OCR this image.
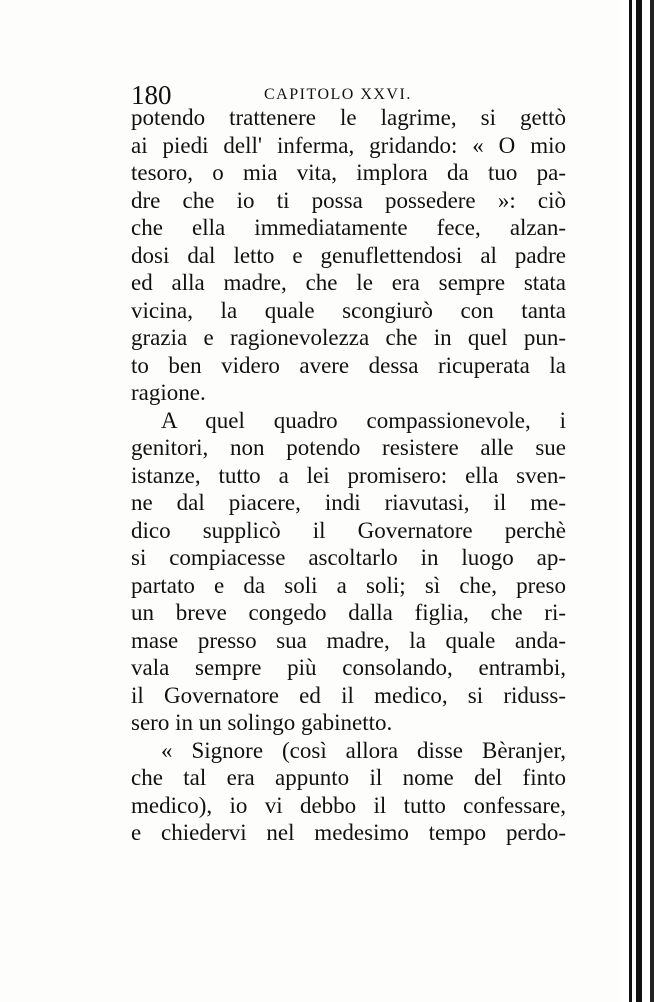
180	CAPITOLO XXVI.
potendo trattenere le lagrime, si gettò
ai piedi dell' inferma, gridando: « O mio
tesoro, o mia vita, implora da tuo pa-
dre che io ti possa possedere »: ciò
che ella immediatamente fece, alzan-
dosi dal letto e genuflettendosi al padre
ed alla madre, che le era sempre stata
vicina, la quale scongiurò con tanta
grazia e ragionevolezza che in quel pun-
to ben videro avere dessa ricuperata la
ragione.
A quel quadro compassionevole, i
genitori, non potendo resistere alle sue
istanze, tutto a lei promisero: ella sven-
ne dal piacere, indi riavutasi, il me-
dico supplicò il Governatore perchè
si compiacesse ascoltarlo in luogo ap-
partato e da soli a soli; sì che, preso
un breve congedo dalla figlia, che ri-
mase presso sua madre, la quale anda-
vala sempre più consolando, entrambi,
il Governatore ed il medico, si riduss-
sero in un solingo gabinetto.
« Signore (così allora disse Bèranjer,
che tal era appunto il nome del finto
medico), io vi debbo il tutto confessare,
e chiedervi nel medesimo tempo perdo-
